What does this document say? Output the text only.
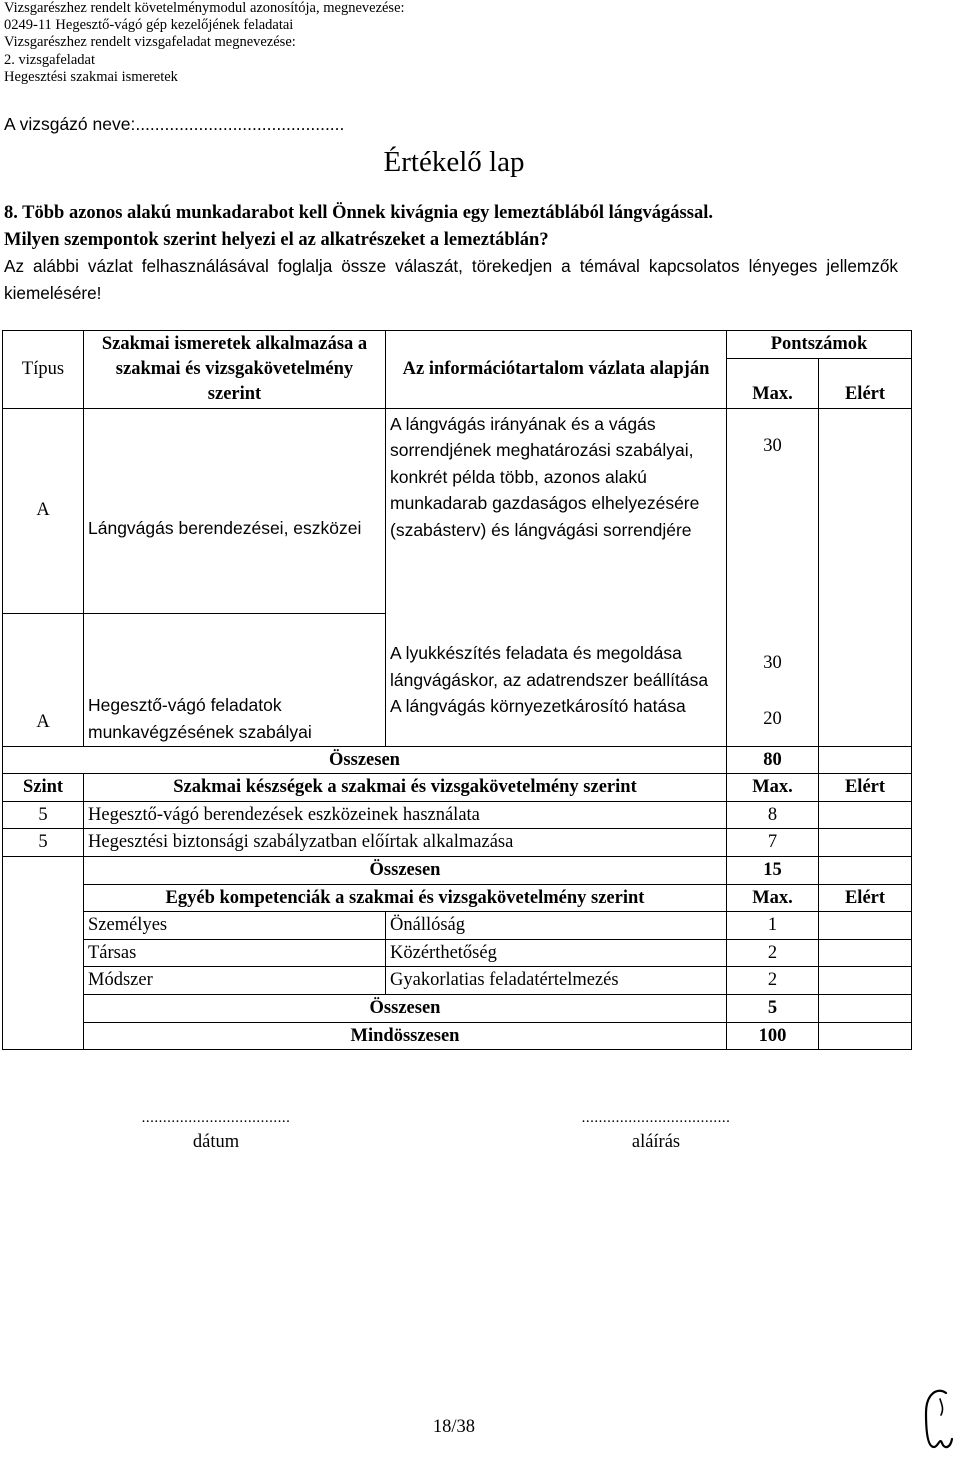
Vizsgarészhez rendelt követelménymodul azonosítója, megnevezése:
0249-11 Hegesztő-vágó gép kezelőjének feladatai
Vizsgarészhez rendelt vizsgafeladat megnevezése:
2. vizsgafeladat
Hegesztési szakmai ismeretek
A vizsgázó neve:...........................................
Értékelő lap
8. Több azonos alakú munkadarabot kell Önnek kivágnia egy lemeztáblából lángvágással.
Milyen szempontok szerint helyezi el az alkatrészeket a lemeztáblán?
Az alábbi vázlat felhasználásával foglalja össze válaszát, törekedjen a témával kapcsolatos lényeges jellemzők kiemelésére!
Típus	Szakmai ismeretek alkalmazása a szakmai és vizsgakövetelmény szerint	Az információtartalom vázlata alapján	Pontszámok	
			Max.	Elért
A	Lángvágás berendezései, eszközei	A lángvágás irányának és a vágás sorrendjének meghatározási szabályai, konkrét példa több, azonos alakú munkadarab gazdaságos elhelyezésére (szabásterv) és lángvágási sorrendjére	30	
A	Hegesztő-vágó feladatok munkavégzésének szabályai	A lyukkészítés feladata és megoldása lángvágáskor, az adatrendszer beállítása	30	
		A lángvágás környezetkárosító hatása	20	
Összesen			80	
Szint	Szakmai készségek a szakmai és vizsgakövetelmény szerint		Max.	Elért
5	Hegesztő-vágó berendezések eszközeinek használata		8	
5	Hegesztési biztonsági szabályzatban előírtak alkalmazása		7	
	Összesen		15	
	Egyéb kompetenciák a szakmai és vizsgakövetelmény szerint		Max.	Elért
	Személyes	Önállóság	1	
	Társas	Közérthetőség	2	
	Módszer	Gyakorlatias feladatértelmezés	2	
	Összesen		5	
	Mindösszesen		100	
...................................
dátum
...................................
aláírás
18/38
